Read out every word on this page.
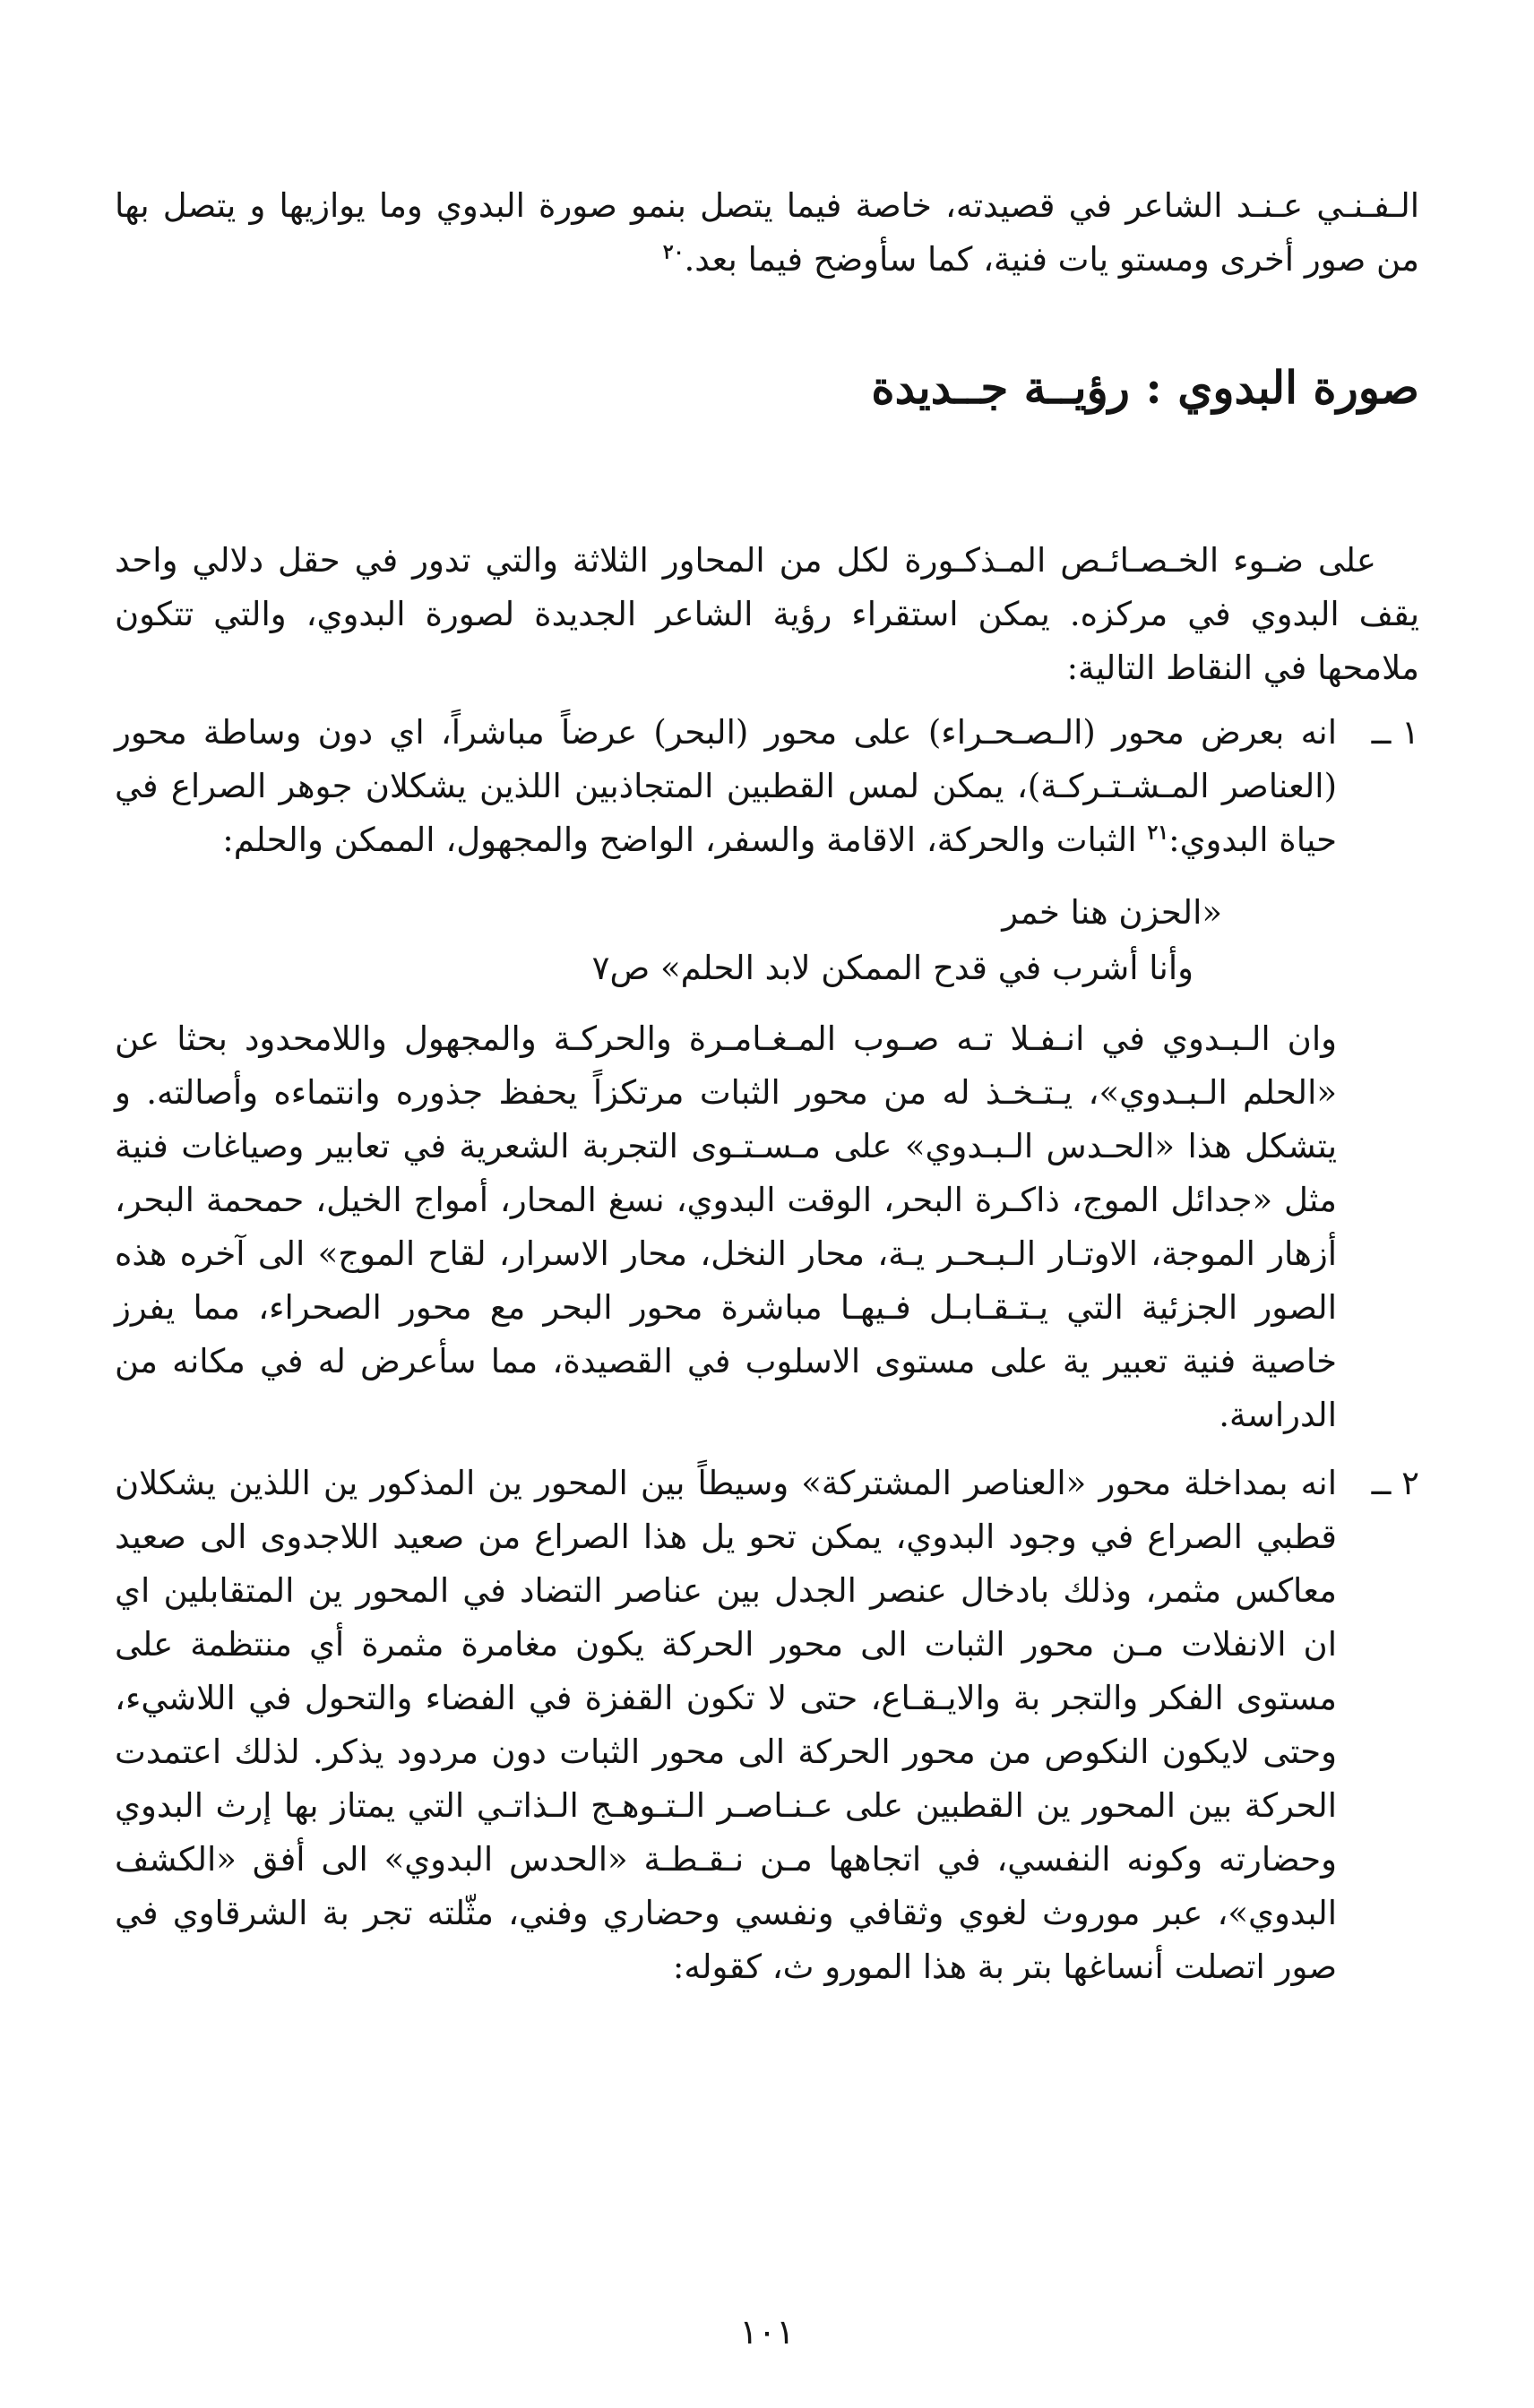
الـفـنـي عـنـد الشاعر في قصيدته، خاصة فيما يتصل بنمو صورة البدوي وما يوازيها و يتصل بها من صور أخرى ومستو يات فنية، كما سأوضح فيما بعد.$^{٢٠}$

صورة البدوي : رؤيــة جــديدة

على ضـوء الخـصـائـص المـذكـورة لكل من المحاور الثلاثة والتي تدور في حقل دلالي واحد يقف البدوي في مركزه. يمكن استقراء رؤية الشاعر الجديدة لصورة البدوي، والتي تتكون ملامحها في النقاط التالية:

١ ــ

انه بعرض محور (الـصـحـراء) على محور (البحر) عرضاً مباشراً، اي دون وساطة محور (العناصر المـشـتـركـة)، يمكن لمس القطبين المتجاذبين اللذين يشكلان جوهر الصراع في حياة البدوي:$^{٢١}$ الثبات والحركة، الاقامة والسفر، الواضح والمجهول، الممكن والحلم:

«الحزن هنا خمر

وأنا أشرب في قدح الممكن لابد الحلم» ص٧

وان الـبـدوي في انـفـلا تـه صـوب المـغـامـرة والحركـة والمجهول واللامحدود بحثا عن «الحلم الـبـدوي»، يـتـخـذ له من محور الثبات مرتكزاً يحفظ جذوره وانتماءه وأصالته. و يتشكل هذا «الحـدس الـبـدوي» على مـسـتـوى التجربة الشعرية في تعابير وصياغات فنية مثل «جدائل الموج، ذاكـرة البحر، الوقت البدوي، نسغ المحار، أمواج الخيل، حمحمة البحر، أزهار الموجة، الاوتـار الـبـحـر يـة، محار النخل، محار الاسرار، لقاح الموج» الى آخره هذه الصور الجزئية التي يـتـقـابـل فـيهـا مباشرة محور البحر مع محور الصحراء، مما يفرز خاصية فنية تعبير ية على مستوى الاسلوب في القصيدة، مما سأعرض له في مكانه من الدراسة.

٢ ــ

انه بمداخلة محور «العناصر المشتركة» وسيطاً بين المحور ين المذكور ين اللذين يشكلان قطبي الصراع في وجود البدوي، يمكن تحو يل هذا الصراع من صعيد اللاجدوى الى صعيد معاكس مثمر، وذلك بادخال عنصر الجدل بين عناصر التضاد في المحور ين المتقابلين اي ان الانفلات مـن محور الثبات الى محور الحركة يكون مغامرة مثمرة أي منتظمة على مستوى الفكر والتجر بة والايـقـاع، حتى لا تكون القفزة في الفضاء والتحول في اللاشيء، وحتى لايكون النكوص من محور الحركة الى محور الثبات دون مردود يذكر. لذلك اعتمدت الحركة بين المحور ين القطبين على عـنـاصـر الـتـوهـج الـذاتـي التي يمتاز بها إرث البدوي وحضارته وكونه النفسي، في اتجاهها مـن نـقـطـة «الحدس البدوي» الى أفق «الكشف البدوي»، عبر موروث لغوي وثقافي ونفسي وحضاري وفني، مثّلته تجر بة الشرقاوي في صور اتصلت أنساغها بتر بة هذا المورو ث، كقوله:

١٠١
